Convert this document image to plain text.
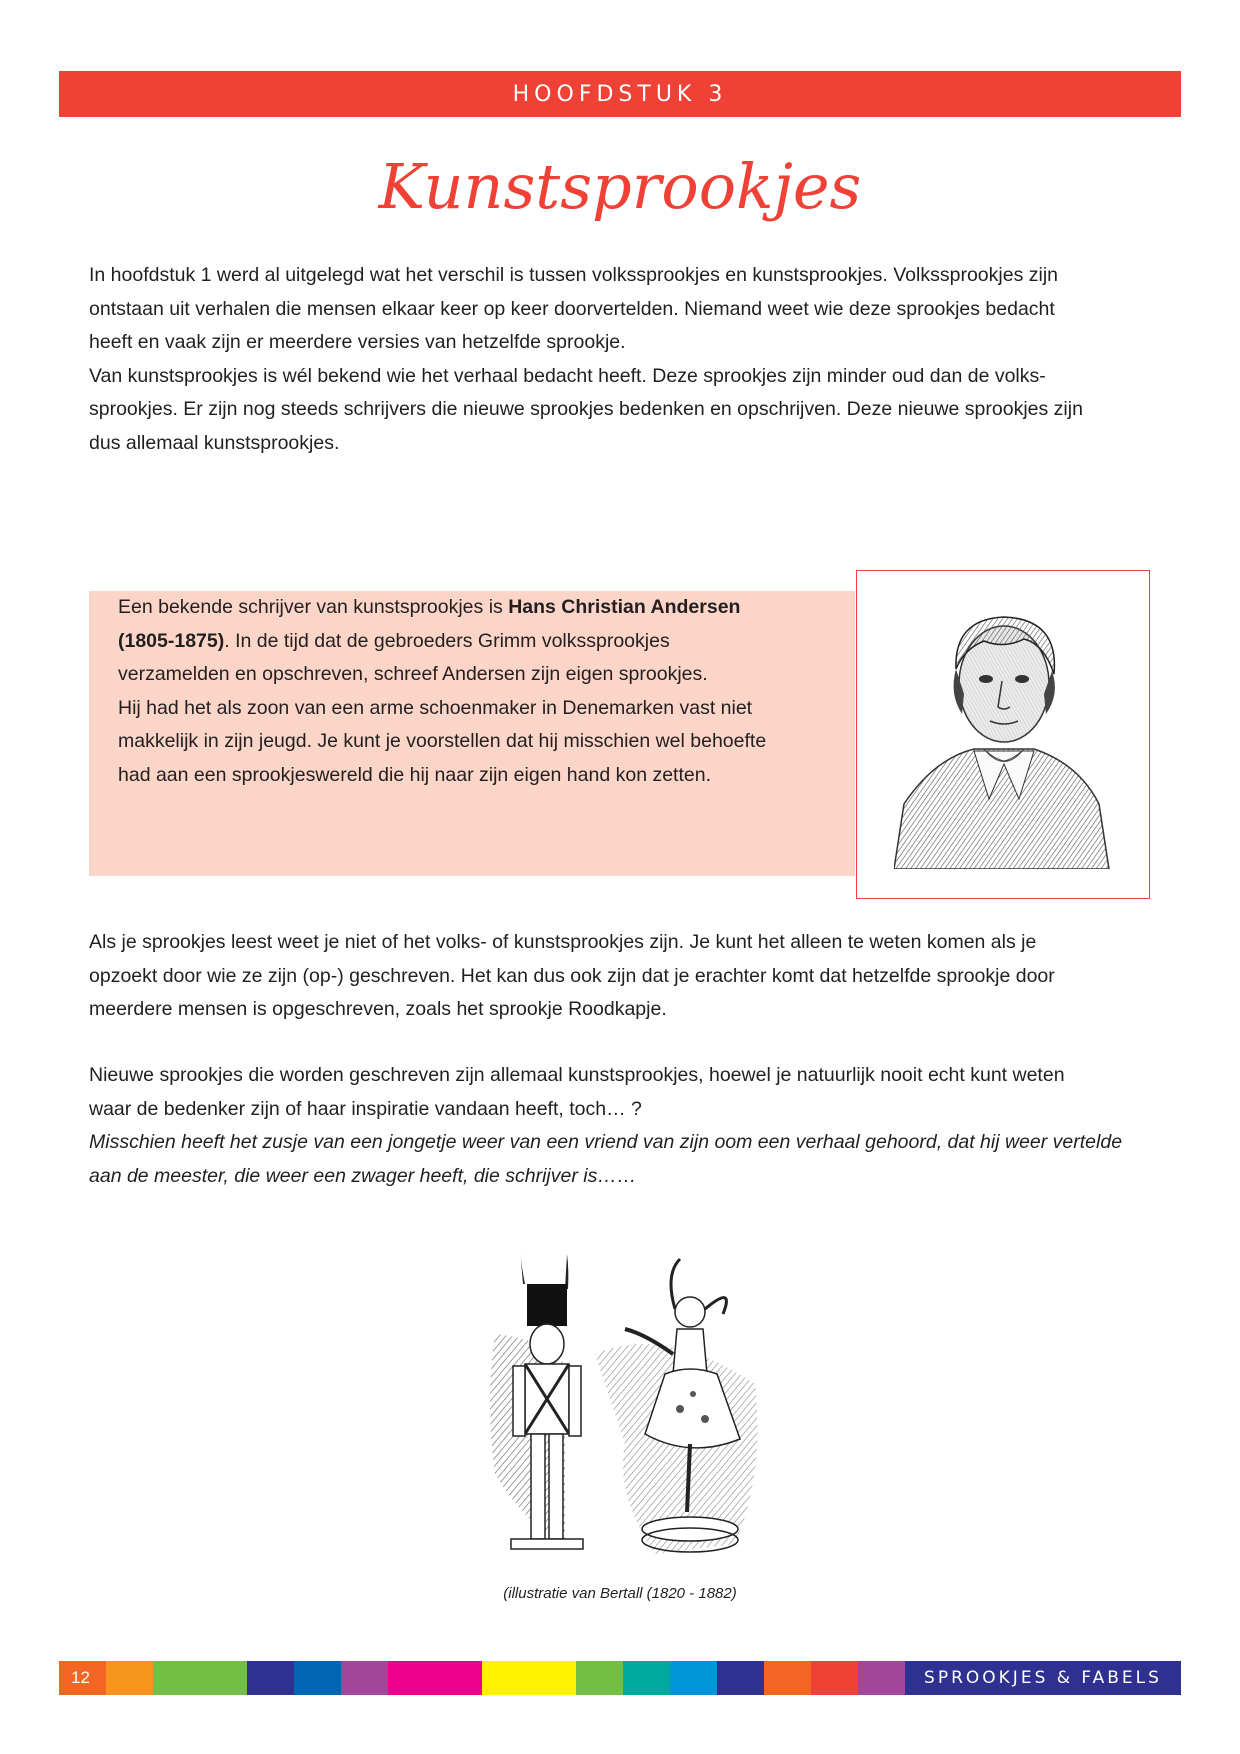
HOOFDSTUK 3
Kunstsprookjes

In hoofdstuk 1 werd al uitgelegd wat het verschil is tussen volkssprookjes en kunstsprookjes. Volkssprookjes zijn
ontstaan uit verhalen die mensen elkaar keer op keer doorvertelden. Niemand weet wie deze sprookjes bedacht
heeft en vaak zijn er meerdere versies van hetzelfde sprookje.
Van kunstsprookjes is wél bekend wie het verhaal bedacht heeft. Deze sprookjes zijn minder oud dan de volks-
sprookjes. Er zijn nog steeds schrijvers die nieuwe sprookjes bedenken en opschrijven. Deze nieuwe sprookjes zijn
dus allemaal kunstsprookjes.

Een bekende schrijver van kunstsprookjes is Hans Christian Andersen
(1805-1875). In de tijd dat de gebroeders Grimm volkssprookjes
verzamelden en opschreven, schreef Andersen zijn eigen sprookjes.
Hij had het als zoon van een arme schoenmaker in Denemarken vast niet
makkelijk in zijn jeugd. Je kunt je voorstellen dat hij misschien wel behoefte
had aan een sprookjeswereld die hij naar zijn eigen hand kon zetten.

Als je sprookjes leest weet je niet of het volks- of kunstsprookjes zijn. Je kunt het alleen te weten komen als je
opzoekt door wie ze zijn (op-) geschreven. Het kan dus ook zijn dat je erachter komt dat hetzelfde sprookje door
meerdere mensen is opgeschreven, zoals het sprookje Roodkapje.

Nieuwe sprookjes die worden geschreven zijn allemaal kunstsprookjes, hoewel je natuurlijk nooit echt kunt weten
waar de bedenker zijn of haar inspiratie vandaan heeft, toch… ?
Misschien heeft het zusje van een jongetje weer van een vriend van zijn oom een verhaal gehoord, dat hij weer vertelde
aan de meester, die weer een zwager heeft, die schrijver is……

(illustratie van Bertall (1820 - 1882)
12	SPROOKJES & FABELS
